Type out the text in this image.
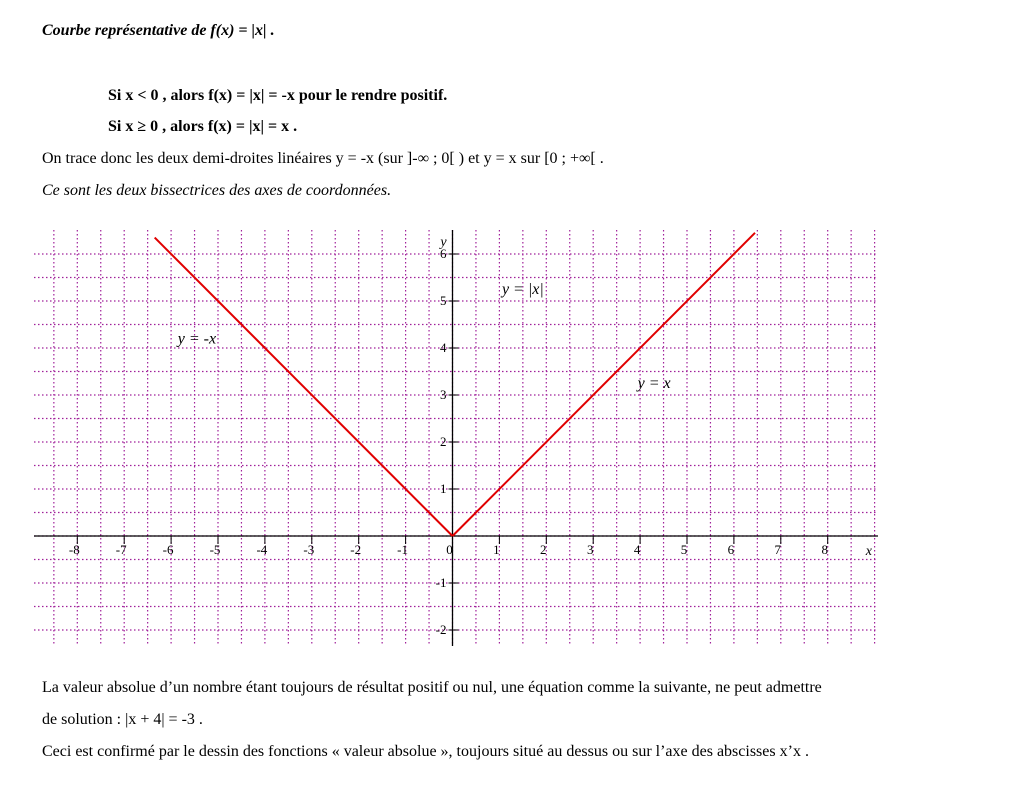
Courbe représentative de f(x) = |x| .
Si x < 0 , alors f(x) = |x| = -x pour le rendre positif.
Si x ≥ 0 , alors f(x) = |x| = x .
On trace donc les deux demi-droites linéaires y = -x (sur ]-∞ ; 0[ ) et y = x sur [0 ; +∞[ .
Ce sont les deux bissectrices des axes de coordonnées.
-8	-7	-6	-5	-4	-3	-2	-1	0	1	2	3	4	5	6	7	8
-2
-1
1
2
3
4
5
6
x
y
y = |x|
y = -x
y = x
La valeur absolue d’un nombre étant toujours de résultat positif ou nul, une équation comme la suivante, ne peut admettre
de solution : |x + 4| = -3 .
Ceci est confirmé par le dessin des fonctions « valeur absolue », toujours situé au dessus ou sur l’axe des abscisses x’x .
